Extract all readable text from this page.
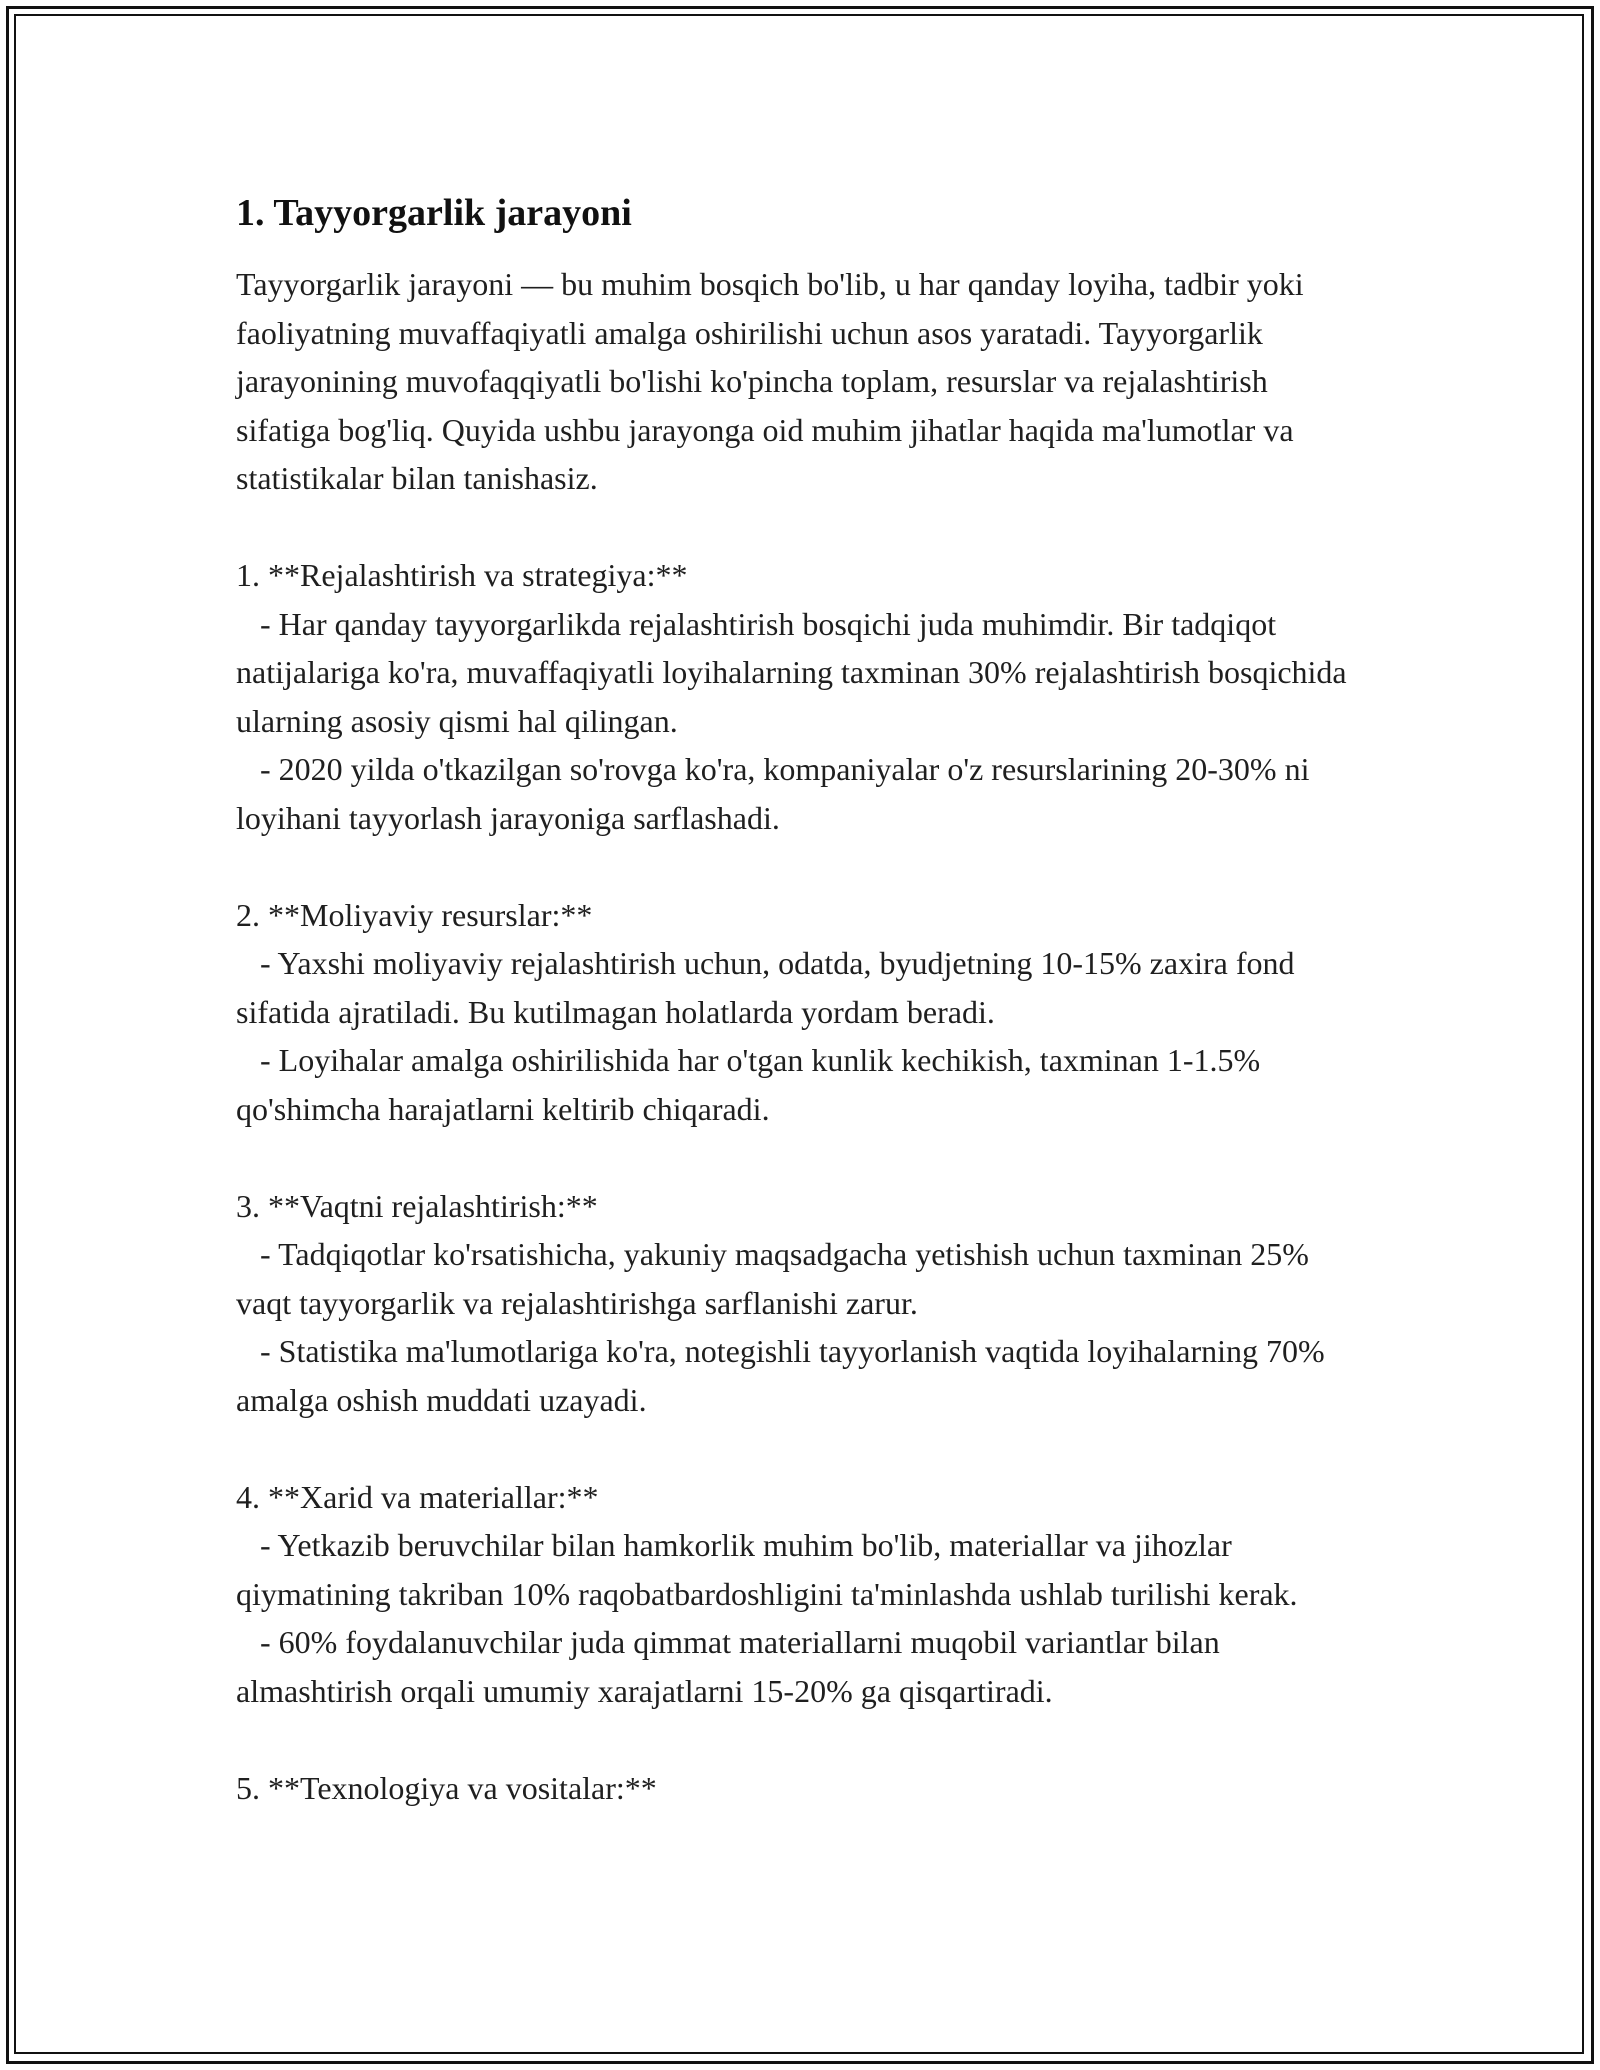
1. Tayyorgarlik jarayoni

Tayyorgarlik jarayoni — bu muhim bosqich bo'lib, u har qanday loyiha, tadbir yoki faoliyatning muvaffaqiyatli amalga oshirilishi uchun asos yaratadi. Tayyorgarlik jarayonining muvofaqqiyatli bo'lishi ko'pincha toplam, resurslar va rejalashtirish sifatiga bog'liq. Quyida ushbu jarayonga oid muhim jihatlar haqida ma'lumotlar va statistikalar bilan tanishasiz.

1. **Rejalashtirish va strategiya:**

- Har qanday tayyorgarlikda rejalashtirish bosqichi juda muhimdir. Bir tadqiqot natijalariga ko'ra, muvaffaqiyatli loyihalarning taxminan 30% rejalashtirish bosqichida ularning asosiy qismi hal qilingan.

- 2020 yilda o'tkazilgan so'rovga ko'ra, kompaniyalar o'z resurslarining 20-30% ni loyihani tayyorlash jarayoniga sarflashadi.

2. **Moliyaviy resurslar:**

- Yaxshi moliyaviy rejalashtirish uchun, odatda, byudjetning 10-15% zaxira fond sifatida ajratiladi. Bu kutilmagan holatlarda yordam beradi.

- Loyihalar amalga oshirilishida har o'tgan kunlik kechikish, taxminan 1-1.5% qo'shimcha harajatlarni keltirib chiqaradi.

3. **Vaqtni rejalashtirish:**

- Tadqiqotlar ko'rsatishicha, yakuniy maqsadgacha yetishish uchun taxminan 25% vaqt tayyorgarlik va rejalashtirishga sarflanishi zarur.

- Statistika ma'lumotlariga ko'ra, notegishli tayyorlanish vaqtida loyihalarning 70% amalga oshish muddati uzayadi.

4. **Xarid va materiallar:**

- Yetkazib beruvchilar bilan hamkorlik muhim bo'lib, materiallar va jihozlar qiymatining takriban 10% raqobatbardoshligini ta'minlashda ushlab turilishi kerak.

- 60% foydalanuvchilar juda qimmat materiallarni muqobil variantlar bilan almashtirish orqali umumiy xarajatlarni 15-20% ga qisqartiradi.

5. **Texnologiya va vositalar:**
